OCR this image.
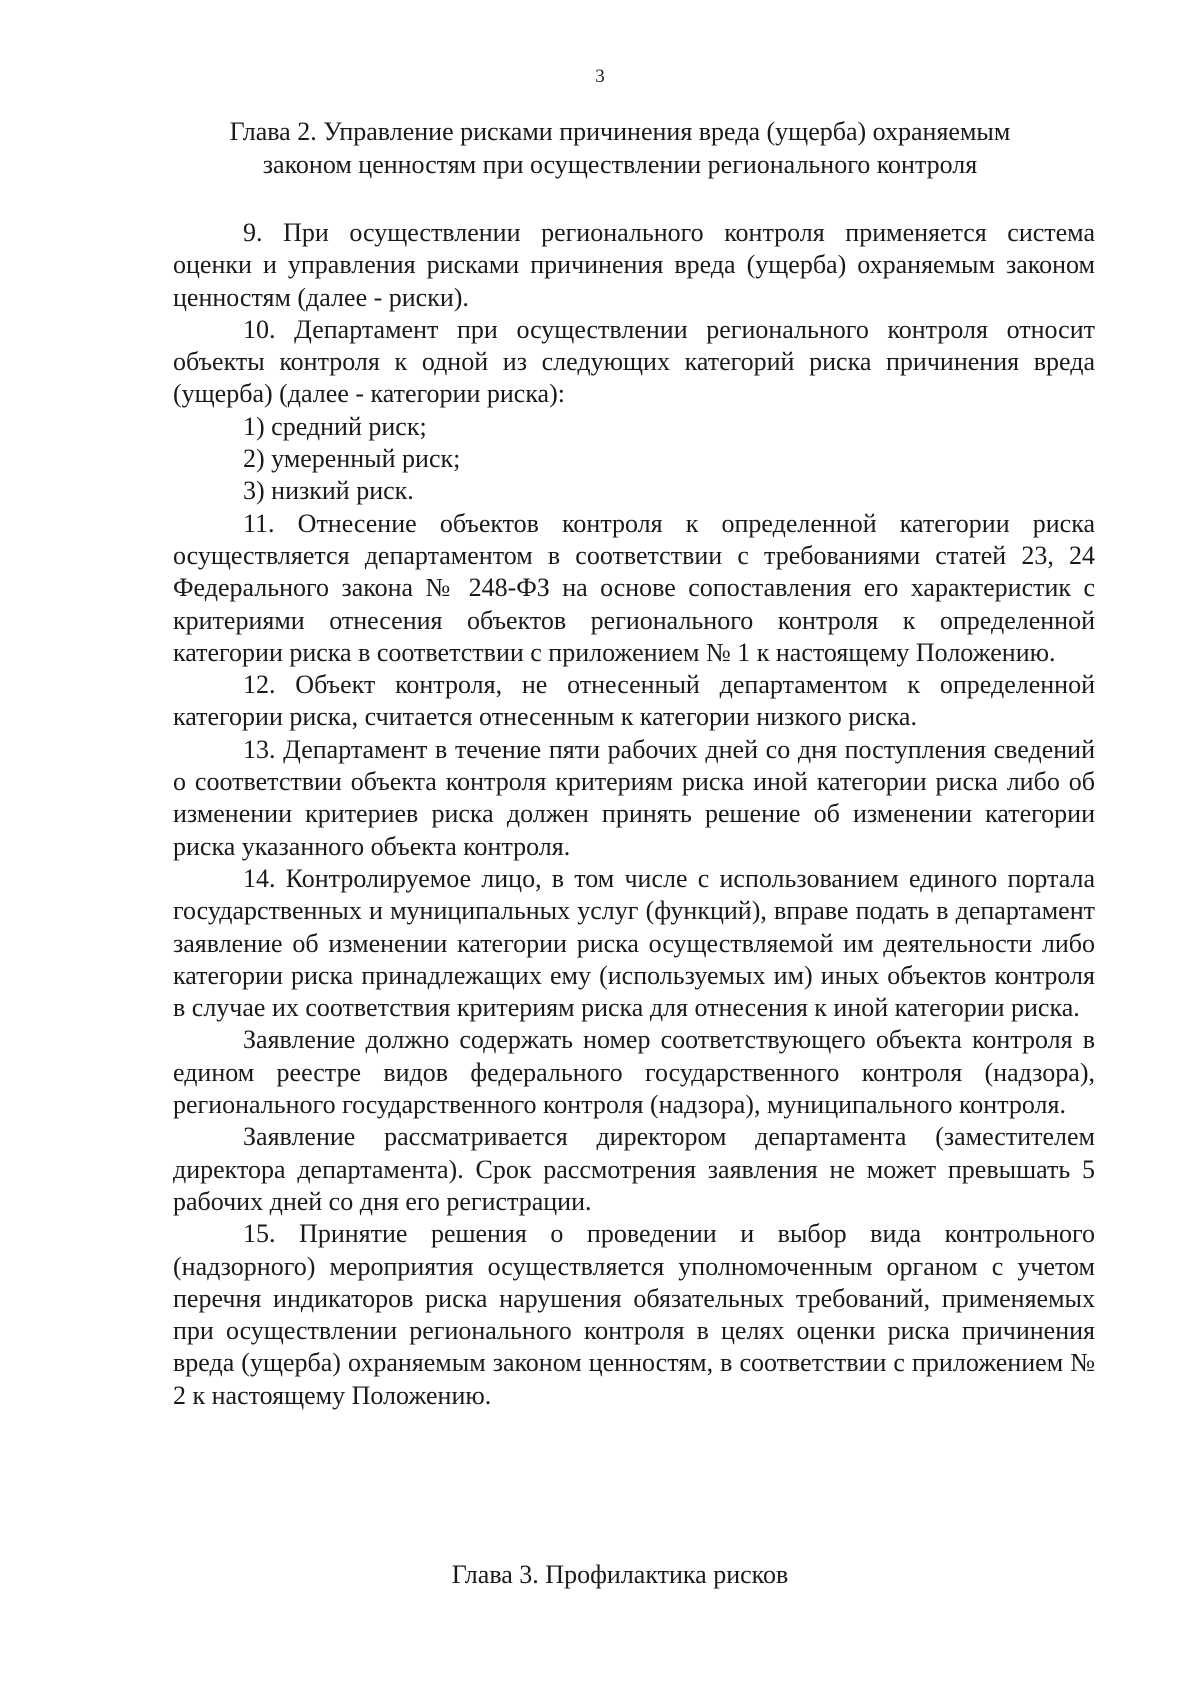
3
Глава 2. Управление рисками причинения вреда (ущерба) охраняемым
законом ценностям при осуществлении регионального контроля

9. При осуществлении регионального контроля применяется система оценки и управления рисками причинения вреда (ущерба) охраняемым законом ценностям (далее - риски).

10. Департамент при осуществлении регионального контроля относит объекты контроля к одной из следующих категорий риска причинения вреда (ущерба) (далее - категории риска):

1) средний риск;

2) умеренный риск;

3) низкий риск.

11. Отнесение объектов контроля к определенной категории риска осуществляется департаментом в соответствии с требованиями статей 23, 24 Федерального закона № 248-ФЗ на основе сопоставления его характеристик с критериями отнесения объектов регионального контроля к определенной категории риска в соответствии с приложением № 1 к настоящему Положению.

12. Объект контроля, не отнесенный департаментом к определенной категории риска, считается отнесенным к категории низкого риска.

13. Департамент в течение пяти рабочих дней со дня поступления сведений о соответствии объекта контроля критериям риска иной категории риска либо об изменении критериев риска должен принять решение об изменении категории риска указанного объекта контроля.

14. Контролируемое лицо, в том числе с использованием единого портала государственных и муниципальных услуг (функций), вправе подать в департамент заявление об изменении категории риска осуществляемой им деятельности либо категории риска принадлежащих ему (используемых им) иных объектов контроля в случае их соответствия критериям риска для отнесения к иной категории риска.

Заявление должно содержать номер соответствующего объекта контроля в едином реестре видов федерального государственного контроля (надзора), регионального государственного контроля (надзора), муниципального контроля.

Заявление рассматривается директором департамента (заместителем директора департамента). Срок рассмотрения заявления не может превышать 5 рабочих дней со дня его регистрации.

15. Принятие решения о проведении и выбор вида контрольного (надзорного) мероприятия осуществляется уполномоченным органом с учетом перечня индикаторов риска нарушения обязательных требований, применяемых при осуществлении регионального контроля в целях оценки риска причинения вреда (ущерба) охраняемым законом ценностям, в соответствии с приложением № 2 к настоящему Положению.

Глава 3. Профилактика рисков
